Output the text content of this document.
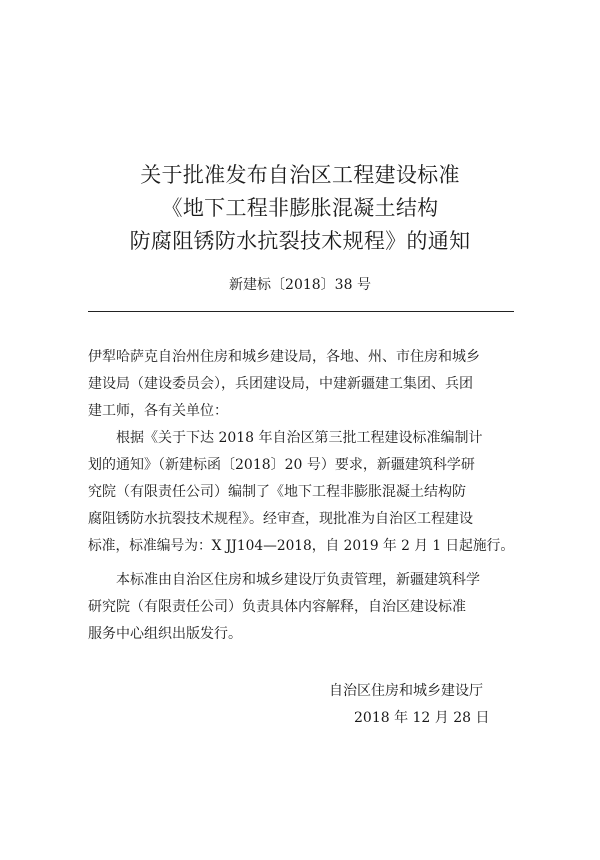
关于批准发布自治区工程建设标准
《地下工程非膨胀混凝土结构
防腐阻锈防水抗裂技术规程》的通知
新建标〔2018〕38 号
伊犁哈萨克自治州住房和城乡建设局，各地、州、市住房和城乡
建设局（建设委员会），兵团建设局，中建新疆建工集团、兵团
建工师，各有关单位：
根据《关于下达 2018 年自治区第三批工程建设标准编制计
划的通知》（新建标函〔2018〕20 号）要求，新疆建筑科学研
究院（有限责任公司）编制了《地下工程非膨胀混凝土结构防
腐阻锈防水抗裂技术规程》。经审查，现批准为自治区工程建设
标准，标准编号为：X JJ104—2018，自 2019 年 2 月 1 日起施行。
本标准由自治区住房和城乡建设厅负责管理，新疆建筑科学
研究院（有限责任公司）负责具体内容解释，自治区建设标准
服务中心组织出版发行。
自治区住房和城乡建设厅
2018 年 12 月 28 日
